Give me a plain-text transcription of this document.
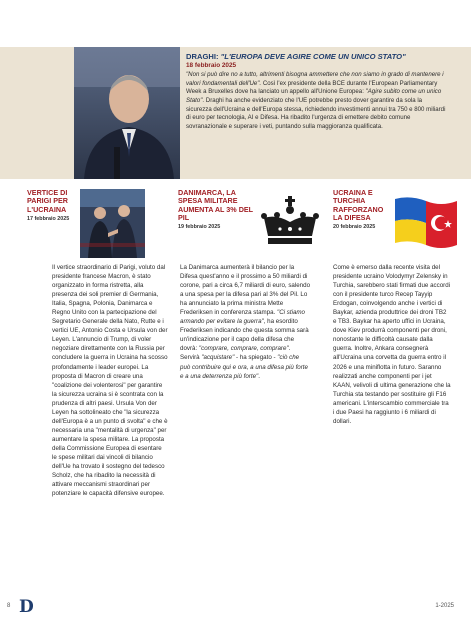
DRAGHI: "L'EUROPA DEVE AGIRE COME UN UNICO STATO"
18 febbraio 2025
"Non si può dire no a tutto, altrimenti bisogna ammettere che non siamo in grado di mantenere i valori fondamentali dell'Ue". Così l'ex presidente della BCE durante l'European Parliamentary Week a Bruxelles dove ha lanciato un appello all'Unione Europea: "Agire subito come un unico Stato". Draghi ha anche evidenziato che l'UE potrebbe presto dover garantire da sola la sicurezza dell'Ucraina e dell'Europa stessa, richiedendo investimenti annui tra 750 e 800 miliardi di euro per tecnologia, AI e Difesa. Ha ribadito l'urgenza di emettere debito comune sovranazionale e superare i veti, puntando sulla maggioranza qualificata.
VERTICE DI PARIGI PER L'UCRAINA
17 febbraio 2025
DANIMARCA, LA SPESA MILITARE AUMENTA AL 3% DEL PIL
19 febbraio 2025
UCRAINA E TURCHIA RAFFORZANO LA DIFESA
20 febbraio 2025

Il vertice straordinario di Parigi, voluto dal presidente francese Macron, è stato organizzato in forma ristretta, alla presenza dei soli premier di Germania, Italia, Spagna, Polonia, Danimarca e Regno Unito con la partecipazione del Segretario Generale della Nato, Rutte e i vertici UE, Antonio Costa e Ursula von der Leyen. L'annuncio di Trump, di voler negoziare direttamente con la Russia per concludere la guerra in Ucraina ha scosso profondamente i leader europei. La proposta di Macron di creare una "coalizione dei volenterosi" per garantire la sicurezza ucraina si è scontrata con la prudenza di altri paesi. Ursula Von der Leyen ha sottolineato che "la sicurezza dell'Europa è a un punto di svolta" e che è necessaria una "mentalità di urgenza" per aumentare la spesa militare. La proposta della Commissione Europea di esentare le spese militari dai vincoli di bilancio dell'Ue ha trovato il sostegno del tedesco Scholz, che ha ribadito la necessità di attivare meccanismi straordinari per potenziare le capacità difensive europee.

La Danimarca aumenterà il bilancio per la Difesa quest'anno e il prossimo a 50 miliardi di corone, pari a circa 6,7 miliardi di euro, salendo a una spesa per la difesa pari al 3% del Pil. Lo ha annunciato la prima ministra Mette Frederiksen in conferenza stampa. "Ci stiamo armando per evitare la guerra", ha esordito Frederiksen indicando che questa somma sarà un'indicazione per il capo della difesa che dovrà: "comprare, comprare, comprare". Servirà "acquistare" - ha spiegato - "ciò che può contribuire qui e ora, a una difesa più forte e a una deterrenza più forte".

Come è emerso dalla recente visita del presidente ucraino Volodymyr Zelensky in Turchia, sarebbero stati firmati due accordi con il presidente turco Recep Tayyip Erdogan, coinvolgendo anche i vertici di Baykar, azienda produttrice dei droni TB2 e TB3. Baykar ha aperto uffici in Ucraina, dove Kiev produrrà componenti per droni, nonostante le difficoltà causate dalla guerra. Inoltre, Ankara consegnerà all'Ucraina una corvetta da guerra entro il 2026 e una miniflotta in futuro. Saranno realizzati anche componenti per i jet KAAN, velivoli di ultima generazione che la Turchia sta testando per sostituire gli F16 americani. L'interscambio commerciale tra i due Paesi ha raggiunto i 6 miliardi di dollari.

8 D	1-2025
